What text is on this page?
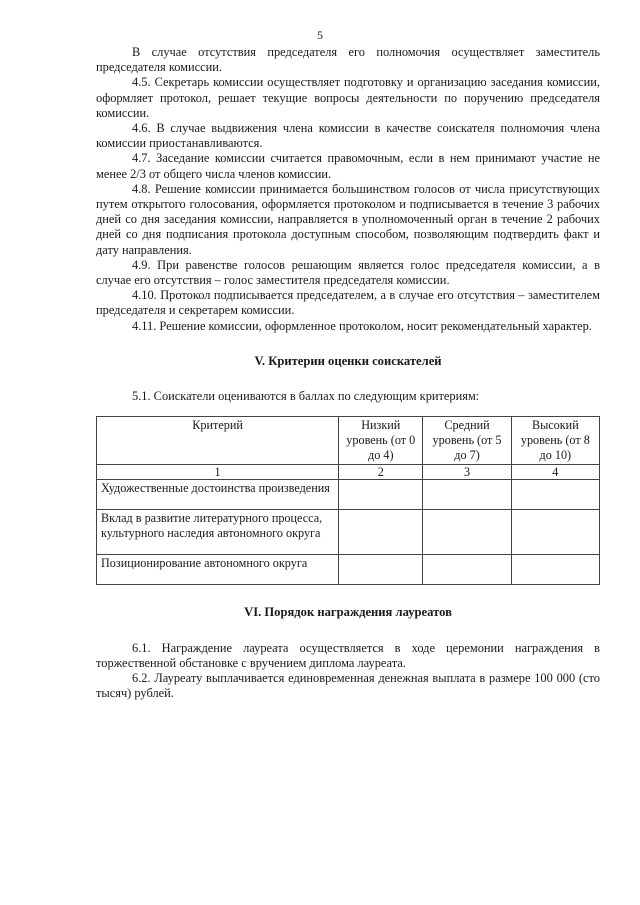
5

В случае отсутствия председателя его полномочия осуществляет заместитель председателя комиссии.

4.5. Секретарь комиссии осуществляет подготовку и организацию заседания комиссии, оформляет протокол, решает текущие вопросы деятельности по поручению председателя комиссии.

4.6. В случае выдвижения члена комиссии в качестве соискателя полномочия члена комиссии приостанавливаются.

4.7. Заседание комиссии считается правомочным, если в нем принимают участие не менее 2/3 от общего числа членов комиссии.

4.8. Решение комиссии принимается большинством голосов от числа присутствующих путем открытого голосования, оформляется протоколом и подписывается в течение 3 рабочих дней со дня заседания комиссии, направляется в уполномоченный орган в течение 2 рабочих дней со дня подписания протокола доступным способом, позволяющим подтвердить факт и дату направления.

4.9. При равенстве голосов решающим является голос председателя комиссии, а в случае его отсутствия – голос заместителя председателя комиссии.

4.10. Протокол подписывается председателем, а в случае его отсутствия – заместителем председателя и секретарем комиссии.

4.11. Решение комиссии, оформленное протоколом, носит рекомендательный характер.

V. Критерии оценки соискателей

5.1. Соискатели оцениваются в баллах по следующим критериям:

Критерий	Низкий уровень (от 0 до 4)	Средний уровень (от 5 до 7)	Высокий уровень (от 8 до 10)
1	2	3	4
Художественные достоинства произведения			
Вклад в развитие литературного процесса, культурного наследия автономного округа			
Позиционирование автономного округа			
VI. Порядок награждения лауреатов

6.1. Награждение лауреата осуществляется в ходе церемонии награждения в торжественной обстановке с вручением диплома лауреата.

6.2. Лауреату выплачивается единовременная денежная выплата в размере 100 000 (сто тысяч) рублей.
